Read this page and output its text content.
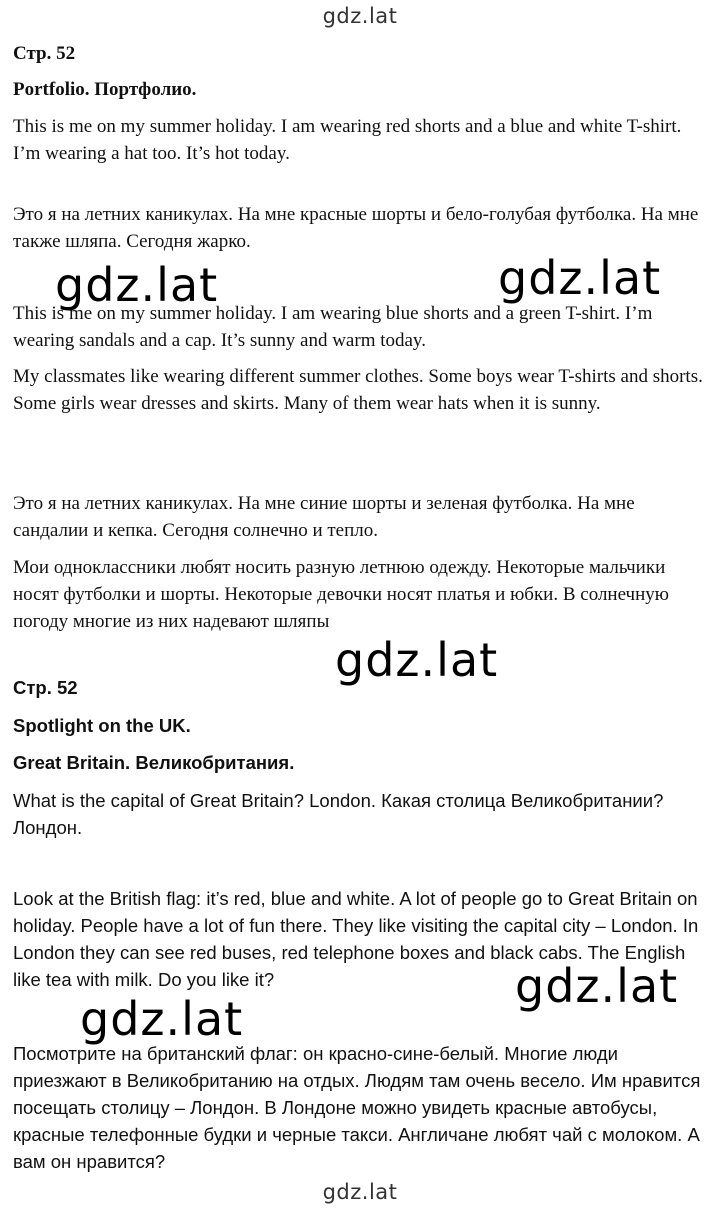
gdz.lat

Стр. 52

Portfolio. Портфолио.

This is me on my summer holiday. I am wearing red shorts and a blue and white T-shirt. I’m wearing a hat too. It’s hot today.

Это я на летних каникулах. На мне красные шорты и бело-голубая футболка. На мне также шляпа. Сегодня жарко.

gdz.lat	gdz.lat

This is me on my summer holiday. I am wearing blue shorts and a green T-shirt. I’m wearing sandals and a cap. It’s sunny and warm today.

My classmates like wearing different summer clothes. Some boys wear T-shirts and shorts. Some girls wear dresses and skirts. Many of them wear hats when it is sunny.

Это я на летних каникулах. На мне синие шорты и зеленая футболка. На мне сандалии и кепка. Сегодня солнечно и тепло.

Мои одноклассники любят носить разную летнюю одежду. Некоторые мальчики носят футболки и шорты. Некоторые девочки носят платья и юбки. В солнечную погоду многие из них надевают шляпы

gdz.lat

Стр. 52

Spotlight on the UK.

Great Britain. Великобритания.

What is the capital of Great Britain? London. Какая столица Великобритании? Лондон.

Look at the British flag: it’s red, blue and white. A lot of people go to Great Britain on holiday. People have a lot of fun there. They like visiting the capital city – London. In London they can see red buses, red telephone boxes and black cabs. The English like tea with milk. Do you like it?	gdz.lat
gdz.lat

Посмотрите на британский флаг: он красно-сине-белый. Многие люди приезжают в Великобританию на отдых. Людям там очень весело. Им нравится посещать столицу – Лондон. В Лондоне можно увидеть красные автобусы, красные телефонные будки и черные такси. Англичане любят чай с молоком. А вам он нравится?

gdz.lat
